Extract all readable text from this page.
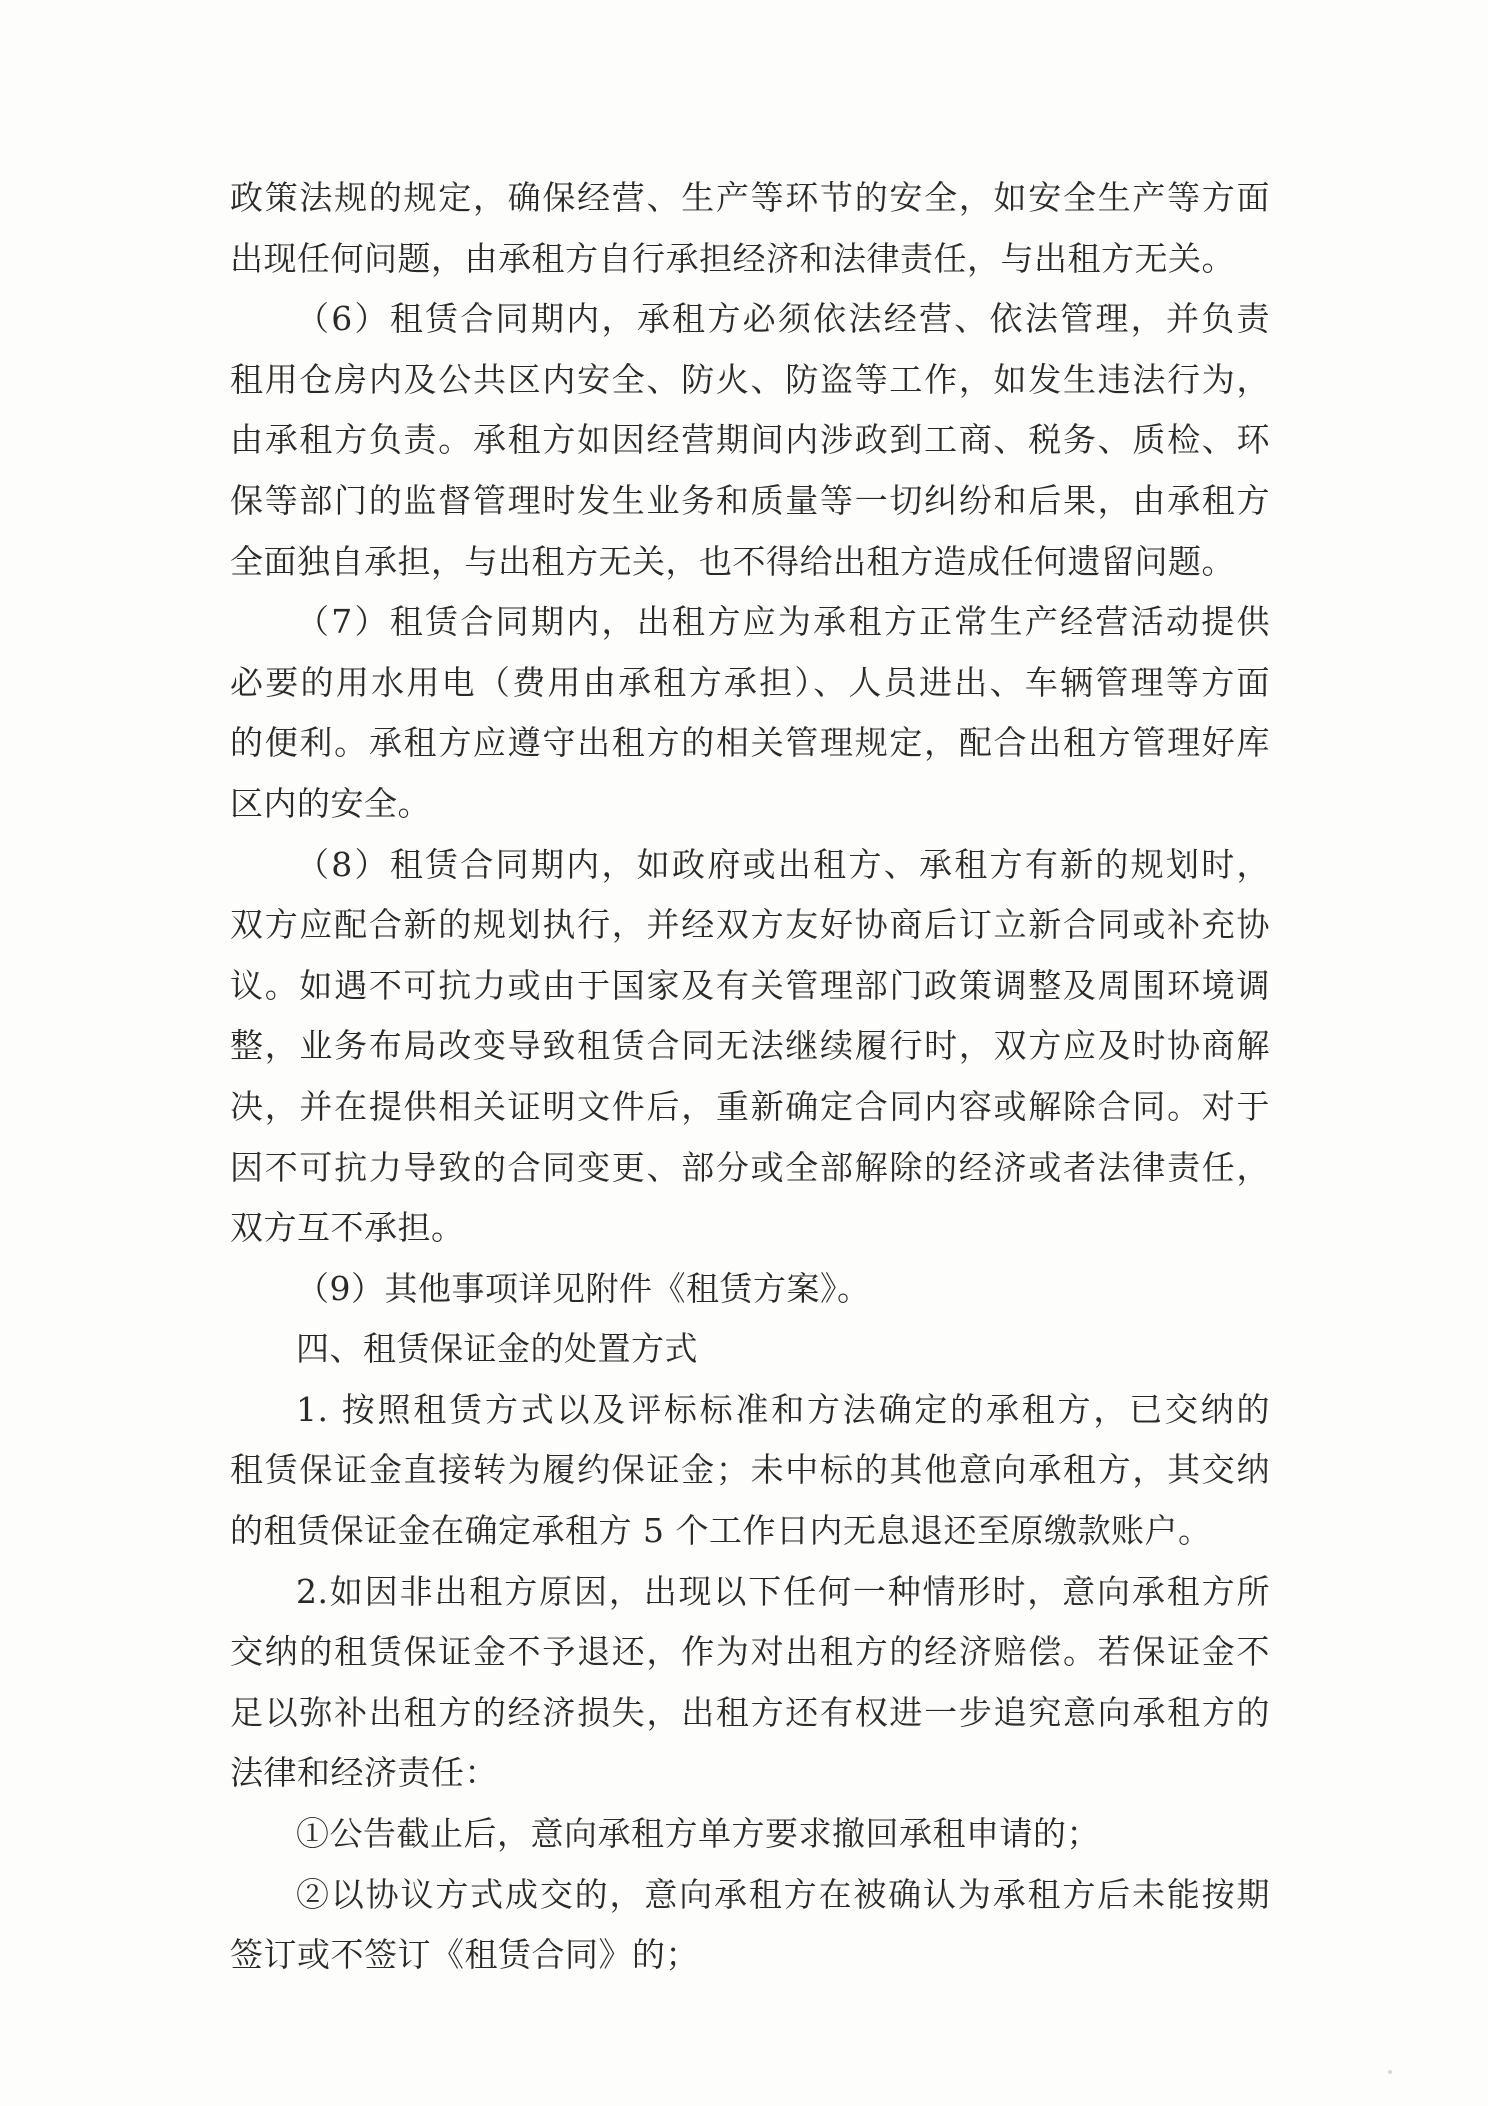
政策法规的规定，确保经营、生产等环节的安全，如安全生产等方面
出现任何问题，由承租方自行承担经济和法律责任，与出租方无关。
（6）租赁合同期内，承租方必须依法经营、依法管理，并负责
租用仓房内及公共区内安全、防火、防盗等工作，如发生违法行为，
由承租方负责。承租方如因经营期间内涉政到工商、税务、质检、环
保等部门的监督管理时发生业务和质量等一切纠纷和后果，由承租方
全面独自承担，与出租方无关，也不得给出租方造成任何遗留问题。
（7）租赁合同期内，出租方应为承租方正常生产经营活动提供
必要的用水用电（费用由承租方承担）、人员进出、车辆管理等方面
的便利。承租方应遵守出租方的相关管理规定，配合出租方管理好库
区内的安全。
（8）租赁合同期内，如政府或出租方、承租方有新的规划时，
双方应配合新的规划执行，并经双方友好协商后订立新合同或补充协
议。如遇不可抗力或由于国家及有关管理部门政策调整及周围环境调
整，业务布局改变导致租赁合同无法继续履行时，双方应及时协商解
决，并在提供相关证明文件后，重新确定合同内容或解除合同。对于
因不可抗力导致的合同变更、部分或全部解除的经济或者法律责任，
双方互不承担。
（9）其他事项详见附件《租赁方案》。
四、租赁保证金的处置方式
1. 按照租赁方式以及评标标准和方法确定的承租方，已交纳的
租赁保证金直接转为履约保证金；未中标的其他意向承租方，其交纳
的租赁保证金在确定承租方 5 个工作日内无息退还至原缴款账户。
2.如因非出租方原因，出现以下任何一种情形时，意向承租方所
交纳的租赁保证金不予退还，作为对出租方的经济赔偿。若保证金不
足以弥补出租方的经济损失，出租方还有权进一步追究意向承租方的
法律和经济责任：
①公告截止后，意向承租方单方要求撤回承租申请的；
②以协议方式成交的，意向承租方在被确认为承租方后未能按期
签订或不签订《租赁合同》的；
